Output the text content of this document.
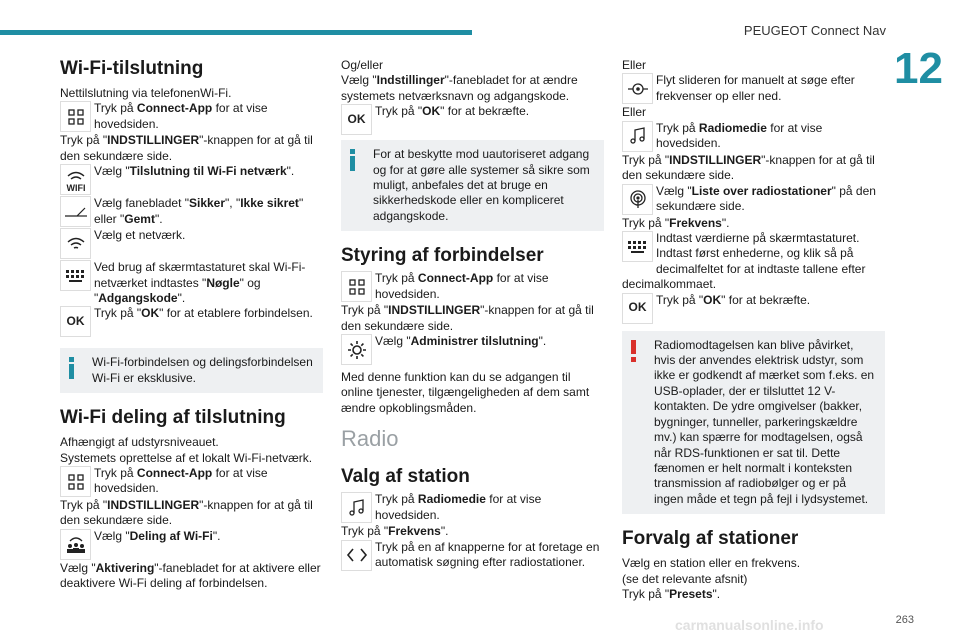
PEUGEOT Connect Nav
12
Wi-Fi-tilslutning

Nettilslutning via telefonenWi-Fi.

Tryk på Connect-App for at vise hovedsiden.

Tryk på "INDSTILLINGER"-knappen for at gå til den sekundære side.

WIFI
Vælg "Tilslutning til Wi-Fi netværk".
Vælg fanebladet "Sikker", "Ikke sikret" eller "Gemt".
Vælg et netværk.
Ved brug af skærmtastaturet skal Wi-Fi-netværket indtastes "Nøgle" og "Adgangskode".
OK
Tryk på "OK" for at etablere forbindelsen.
Wi-Fi-forbindelsen og delingsforbindelsen Wi-Fi er eksklusive.
Wi-Fi deling af tilslutning

Afhængigt af udstyrsniveauet.

Systemets oprettelse af et lokalt Wi-Fi-netværk.

Tryk på Connect-App for at vise hovedsiden.

Tryk på "INDSTILLINGER"-knappen for at gå til den sekundære side.

Vælg "Deling af Wi-Fi".

Vælg "Aktivering"-fanebladet for at aktivere eller deaktivere Wi-Fi deling af forbindelsen.

Og/eller

Vælg "Indstillinger"-fanebladet for at ændre systemets netværksnavn og adgangskode.

OK
Tryk på "OK" for at bekræfte.
For at beskytte mod uautoriseret adgang og for at gøre alle systemer så sikre som muligt, anbefales det at bruge en sikkerhedskode eller en kompliceret adgangskode.
Styring af forbindelser
Tryk på Connect-App for at vise hovedsiden.

Tryk på "INDSTILLINGER"-knappen for at gå til den sekundære side.

Vælg "Administrer tilslutning".

Med denne funktion kan du se adgangen til online tjenester, tilgængeligheden af dem samt ændre opkoblingsmåden.

Radio
Valg af station
Tryk på Radiomedie for at vise hovedsiden.

Tryk på "Frekvens".

Tryk på en af knapperne for at foretage en automatisk søgning efter radiostationer.

Eller

Flyt slideren for manuelt at søge efter frekvenser op eller ned.

Eller

Tryk på Radiomedie for at vise hovedsiden.

Tryk på "INDSTILLINGER"-knappen for at gå til den sekundære side.

Vælg "Liste over radiostationer" på den sekundære side.

Tryk på "Frekvens".

Indtast værdierne på skærmtastaturet. Indtast først enhederne, og klik så på decimalfeltet for at indtaste tallene efter decimalkommaet.
OK
Tryk på "OK" for at bekræfte.
Radiomodtagelsen kan blive påvirket, hvis der anvendes elektrisk udstyr, som ikke er godkendt af mærket som f.eks. en USB-oplader, der er tilsluttet 12 V-kontakten. De ydre omgivelser (bakker, bygninger, tunneller, parkeringskældre mv.) kan spærre for modtagelsen, også når RDS-funktionen er sat til. Dette fænomen er helt normalt i konteksten transmission af radiobølger og er på ingen måde et tegn på fejl i lydsystemet.
Forvalg af stationer

Vælg en station eller en frekvens.

(se det relevante afsnit)

Tryk på "Presets".

carmanualsonline.info	263
